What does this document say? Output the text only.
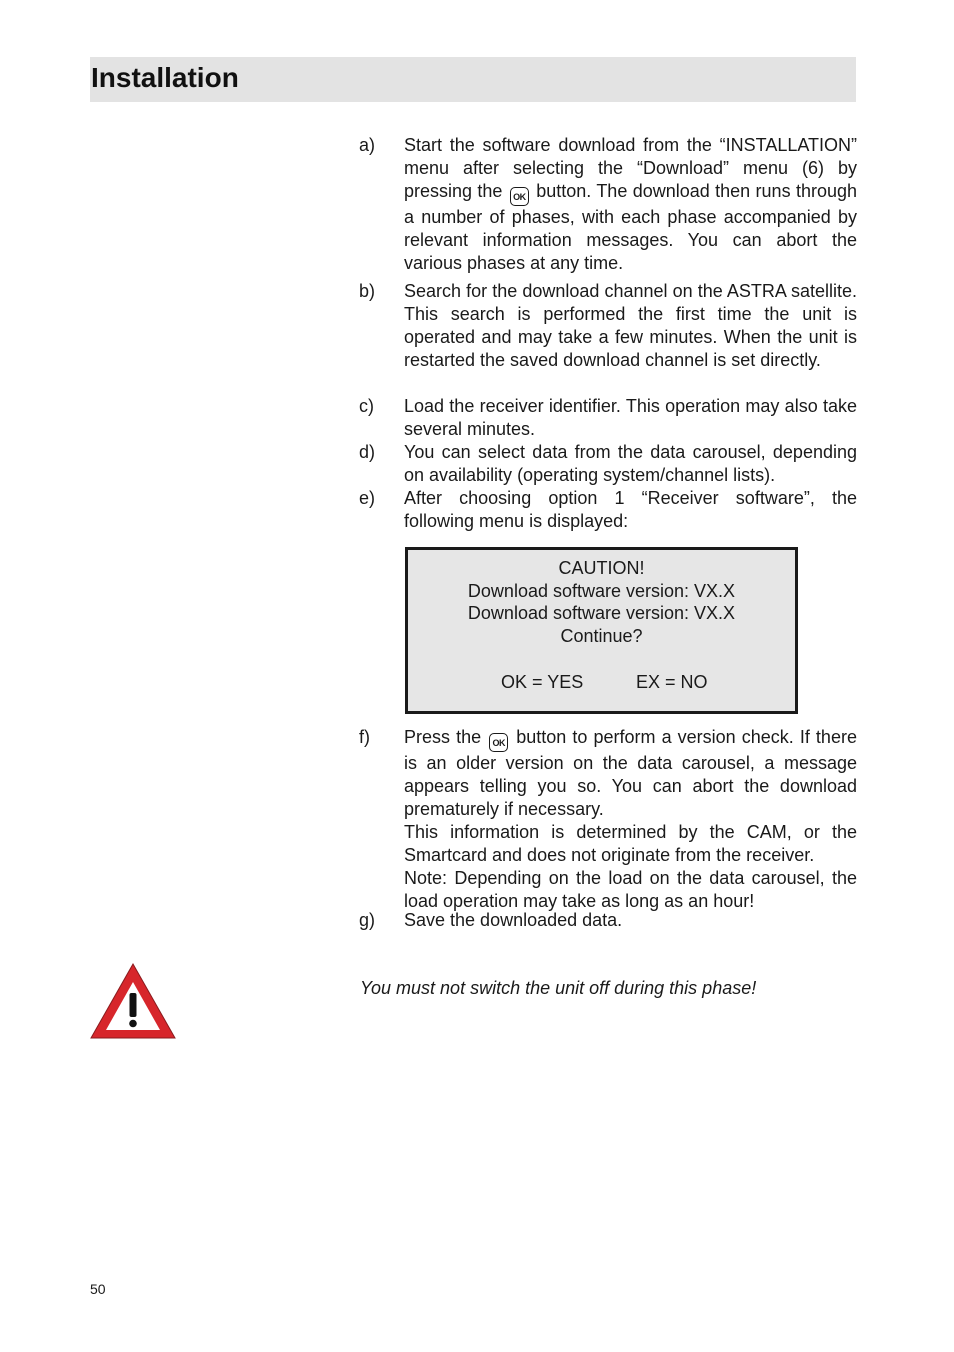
Installation
a) Start the software download from the “INSTALLATION” menu after selecting the “Download” menu (6) by pressing the OK button. The download then runs through a number of phases, with each phase accompanied by relevant information messages. You can abort the various phases at any time.
b) Search for the download channel on the ASTRA satellite. This search is performed the first time the unit is operated and may take a few minutes. When the unit is restarted the saved download channel is set directly.
c) Load the receiver identifier. This operation may also take several minutes.
d) You can select data from the data carousel, depending on availability (operating system/channel lists).
e) After choosing option 1 “Receiver software”, the following menu is displayed:
CAUTION!
Download software version: VX.X
Download software version: VX.X
Continue?
OK = YES	EX = NO
f) Press the OK button to perform a version check. If there is an older version on the data carousel, a message appears telling you so. You can abort the download prematurely if necessary.
This information is determined by the CAM, or the Smartcard and does not originate from the receiver.
Note: Depending on the load on the data carousel, the load operation may take as long as an hour!
g) Save the downloaded data.
You must not switch the unit off during this phase!
50
